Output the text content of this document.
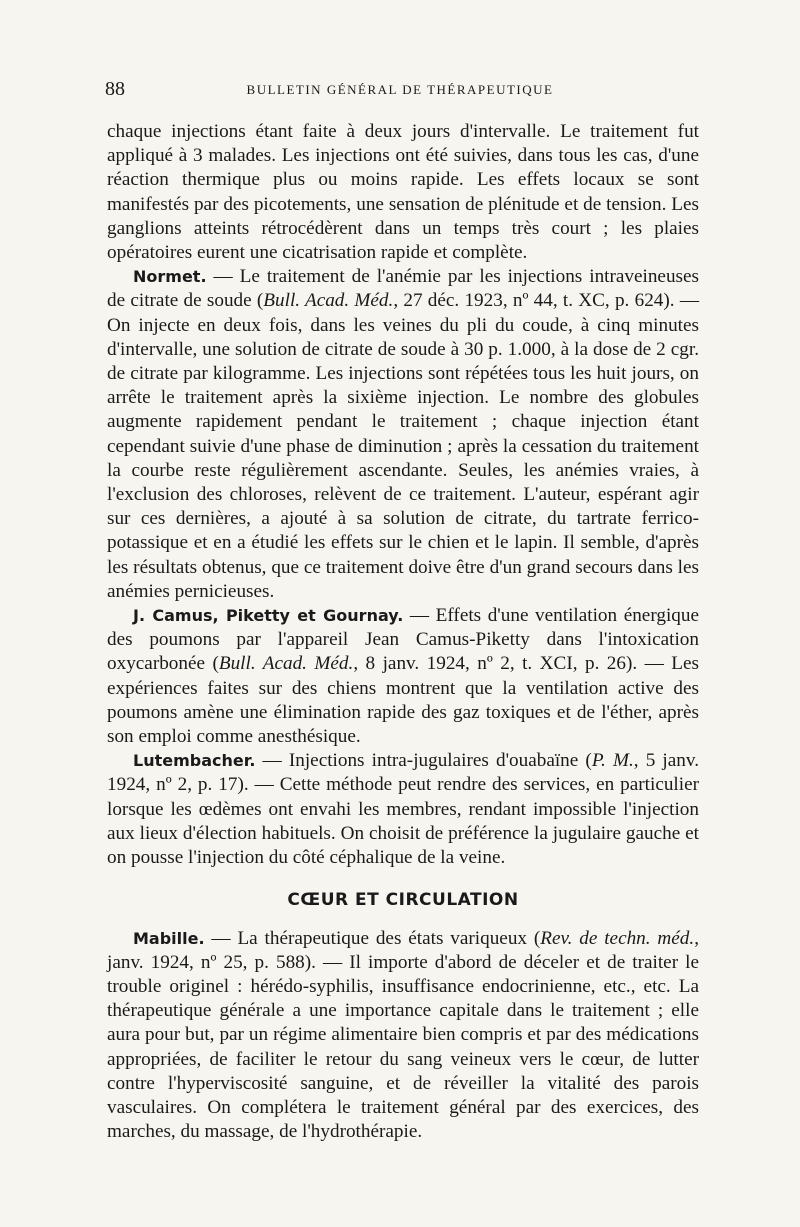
88	BULLETIN GÉNÉRAL DE THÉRAPEUTIQUE

chaque injections étant faite à deux jours d'intervalle. Le traitement fut appliqué à 3 malades. Les injections ont été suivies, dans tous les cas, d'une réaction thermique plus ou moins rapide. Les effets locaux se sont manifestés par des picotements, une sensation de plénitude et de tension. Les ganglions atteints rétrocédèrent dans un temps très court ; les plaies opératoires eurent une cicatrisation rapide et complète.

Normet. — Le traitement de l'anémie par les injections intraveineuses de citrate de soude (Bull. Acad. Méd., 27 déc. 1923, nº 44, t. XC, p. 624). — On injecte en deux fois, dans les veines du pli du coude, à cinq minutes d'intervalle, une solution de citrate de soude à 30 p. 1.000, à la dose de 2 cgr. de citrate par kilogramme. Les injections sont répétées tous les huit jours, on arrête le traitement après la sixième injection. Le nombre des globules augmente rapidement pendant le traitement ; chaque injection étant cependant suivie d'une phase de diminution ; après la cessation du traitement la courbe reste régulièrement ascendante. Seules, les anémies vraies, à l'exclusion des chloroses, relèvent de ce traitement. L'auteur, espérant agir sur ces dernières, a ajouté à sa solution de citrate, du tartrate ferrico-potassique et en a étudié les effets sur le chien et le lapin. Il semble, d'après les résultats obtenus, que ce traitement doive être d'un grand secours dans les anémies pernicieuses.

J. Camus, Piketty et Gournay. — Effets d'une ventilation énergique des poumons par l'appareil Jean Camus-Piketty dans l'intoxication oxycarbonée (Bull. Acad. Méd., 8 janv. 1924, nº 2, t. XCI, p. 26). — Les expériences faites sur des chiens montrent que la ventilation active des poumons amène une élimination rapide des gaz toxiques et de l'éther, après son emploi comme anesthésique.

Lutembacher. — Injections intra-jugulaires d'ouabaïne (P. M., 5 janv. 1924, nº 2, p. 17). — Cette méthode peut rendre des services, en particulier lorsque les œdèmes ont envahi les membres, rendant impossible l'injection aux lieux d'élection habituels. On choisit de préférence la jugulaire gauche et on pousse l'injection du côté céphalique de la veine.

CŒUR ET CIRCULATION

Mabille. — La thérapeutique des états variqueux (Rev. de techn. méd., janv. 1924, nº 25, p. 588). — Il importe d'abord de déceler et de traiter le trouble originel : hérédo-syphilis, insuffisance endocrinienne, etc., etc. La thérapeutique générale a une importance capitale dans le traitement ; elle aura pour but, par un régime alimentaire bien compris et par des médications appropriées, de faciliter le retour du sang veineux vers le cœur, de lutter contre l'hyperviscosité sanguine, et de réveiller la vitalité des parois vasculaires. On complétera le traitement général par des exercices, des marches, du massage, de l'hydrothérapie.
